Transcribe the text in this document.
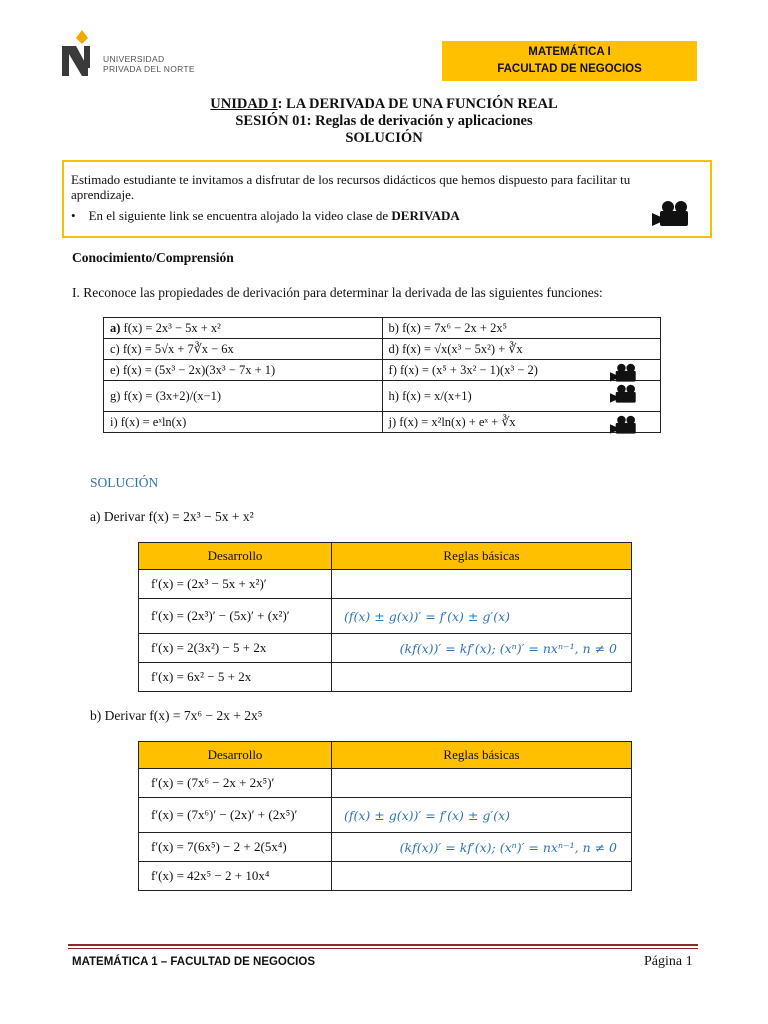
UNIVERSIDAD
PRIVADA DEL NORTE
MATEMÁTICA I
FACULTAD DE NEGOCIOS
UNIDAD I: LA DERIVADA DE UNA FUNCIÓN REAL
SESIÓN 01: Reglas de derivación y aplicaciones
SOLUCIÓN
Estimado estudiante te invitamos a disfrutar de los recursos didácticos que hemos dispuesto para facilitar tu aprendizaje.
•    En el siguiente link se encuentra alojado la video clase de DERIVADA
Conocimiento/Comprensión
I. Reconoce las propiedades de derivación para determinar la derivada de las siguientes funciones:
a) f(x) = 2x³ − 5x + x²	b) f(x) = 7x⁶ − 2x + 2x⁵
c) f(x) = 5√x + 7∛x − 6x	d) f(x) = √x(x³ − 5x²) + ∛x
e) f(x) = (5x³ − 2x)(3x³ − 7x + 1)	f) f(x) = (x⁵ + 3x² − 1)(x³ − 2)

g) f(x) = (3x+2)/(x−1)	h) f(x) = x/(x+1)

i) f(x) = eˣln(x)	j) f(x) = x²ln(x) + eˣ + ∛x
SOLUCIÓN
a) Derivar f(x) = 2x³ − 5x + x²
Desarrollo	Reglas básicas
f′(x) = (2x³ − 5x + x²)′	
f′(x) = (2x³)′ − (5x)′ + (x²)′	(f(x) ± g(x))′ = f′(x) ± g′(x)
f′(x) = 2(3x²) − 5 + 2x	(kf(x))′ = kf′(x); (xⁿ)′ = nxⁿ⁻¹, n ≠ 0
f′(x) = 6x² − 5 + 2x	
b) Derivar f(x) = 7x⁶ − 2x + 2x⁵
Desarrollo	Reglas básicas
f′(x) = (7x⁶ − 2x + 2x⁵)′	
f′(x) = (7x⁶)′ − (2x)′ + (2x⁵)′	(f(x) ± g(x))′ = f′(x) ± g′(x)
f′(x) = 7(6x⁵) − 2 + 2(5x⁴)	(kf(x))′ = kf′(x); (xⁿ)′ = nxⁿ⁻¹, n ≠ 0
f′(x) = 42x⁵ − 2 + 10x⁴	
MATEMÁTICA 1 – FACULTAD DE NEGOCIOS	Página 1
